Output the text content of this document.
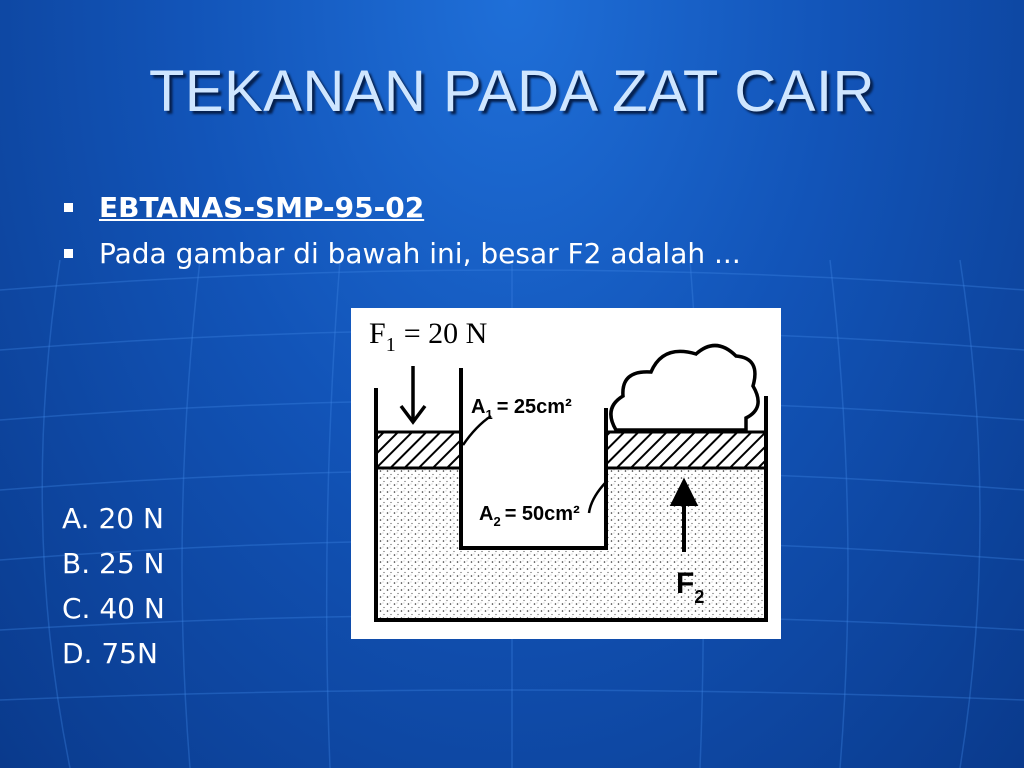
TEKANAN PADA ZAT CAIR
EBTANAS-SMP-95-02
Pada gambar di bawah ini, besar F2 adalah ...
A. 20 N
B. 25 N
C. 40 N
D. 75N
$F_1 = 20$ N
$A_1 = 25cm^2$
$A_2 = 50cm^2$
$F_2$
